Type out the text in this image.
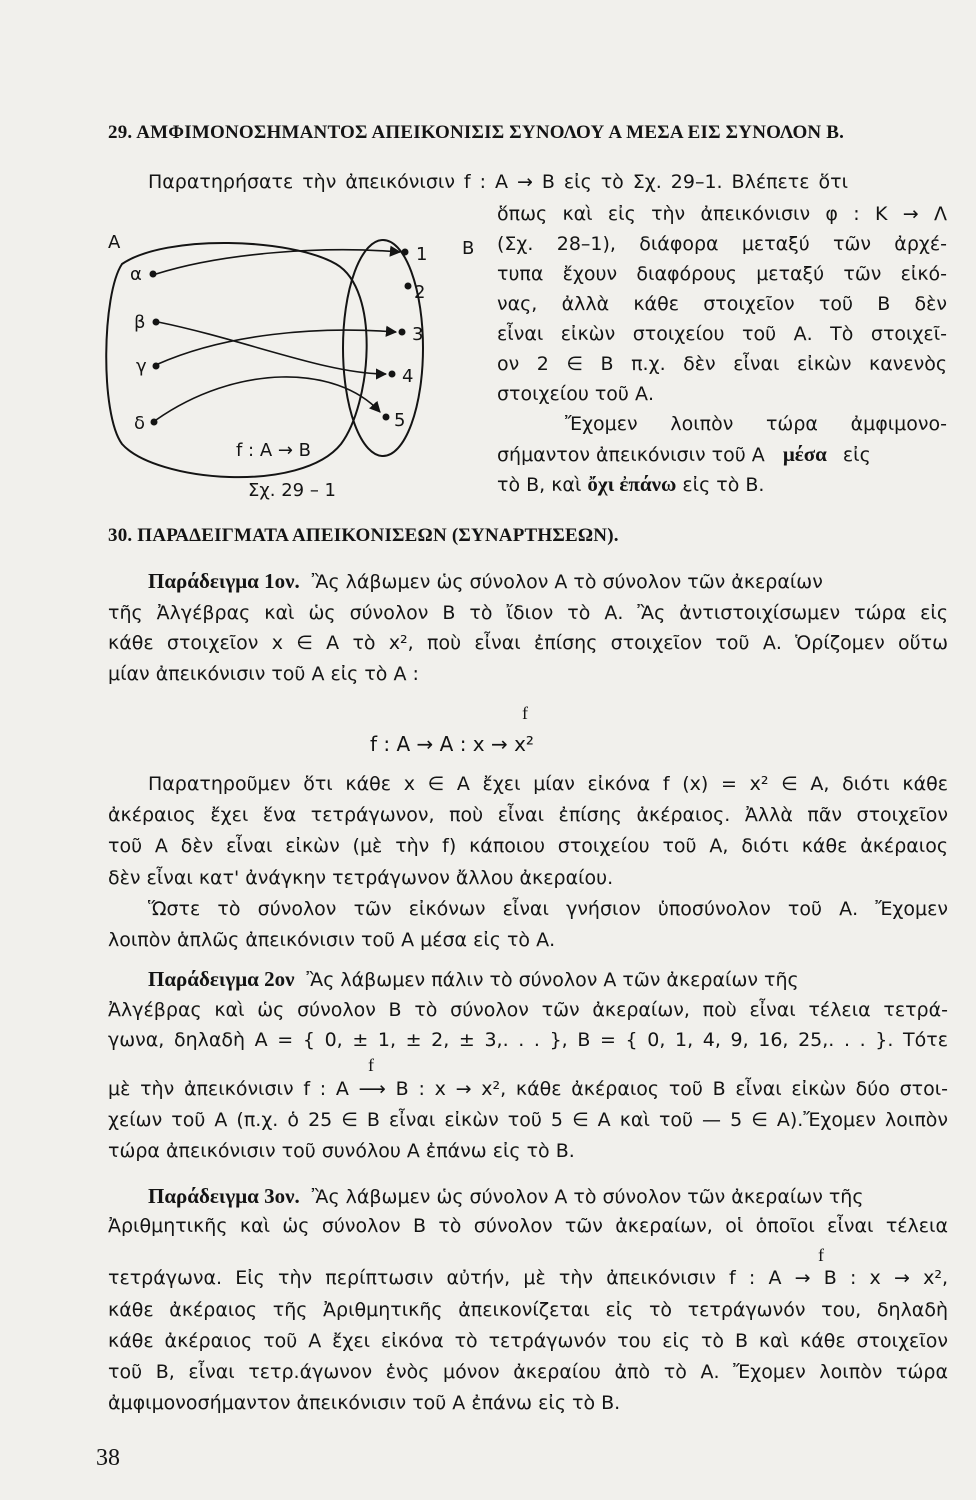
29. ΑΜΦΙΜΟΝΟΣΗΜΑΝΤΟΣ ΑΠΕΙΚΟΝΙΣΙΣ ΣΥΝΟΛΟΥ Α ΜΕΣΑ ΕΙΣ ΣΥΝΟΛΟΝ Β.
Παρατηρήσατε τὴν ἀπεικόνισιν f : A → B εἰς τὸ Σχ. 29–1. Βλέπετε ὅτι
ὅπως καὶ εἰς τὴν ἀπεικόνισιν φ : K → Λ
(Σχ. 28–1), διάφορα μεταξύ τῶν ἀρχέ-
τυπα ἔχουν διαφόρους μεταξύ τῶν εἰκό-
νας, ἀλλὰ κάθε στοιχεῖον τοῦ Β δὲν
εἶναι εἰκὼν στοιχείου τοῦ Α. Τὸ στοιχεῖ-
ον 2 ∈ B π.χ. δὲν εἶναι εἰκὼν κανενὸς
στοιχείου τοῦ Α.
Ἔχομεν λοιπὸν τώρα ἀμφιμονο-
σήμαντον ἀπεικόνισιν τοῦ Α μέσα εἰς
τὸ Β, καὶ ὄχι ἐπάνω εἰς τὸ Β.
A	B
α
β
γ
δ
1
2
3
4
5
f : A → B
Σχ. 29 – 1
30. ΠΑΡΑΔΕΙΓΜΑΤΑ ΑΠΕΙΚΟΝΙΣΕΩΝ (ΣΥΝΑΡΤΗΣΕΩΝ).
Παράδειγμα 1ον. Ἂς λάβωμεν ὡς σύνολον Α τὸ σύνολον τῶν ἀκεραίων
τῆς Ἀλγέβρας καὶ ὡς σύνολον Β τὸ ἴδιον τὸ Α. Ἂς ἀντιστοιχίσωμεν τώρα εἰς
κάθε στοιχεῖον x ∈ A τὸ x², ποὺ εἶναι ἐπίσης στοιχεῖον τοῦ Α. Ὁρίζομεν οὕτω
μίαν ἀπεικόνισιν τοῦ Α εἰς τὸ Α :
f
f : A → A : x → x²
Παρατηροῦμεν ὅτι κάθε x ∈ A ἔχει μίαν εἰκόνα f (x) = x² ∈ A, διότι κάθε
ἀκέραιος ἔχει ἕνα τετράγωνον, ποὺ εἶναι ἐπίσης ἀκέραιος. Ἀλλὰ πᾶν στοιχεῖον
τοῦ Α δὲν εἶναι εἰκὼν (μὲ τὴν f) κάποιου στοιχείου τοῦ Α, διότι κάθε ἀκέραιος
δὲν εἶναι κατ' ἀνάγκην τετράγωνον ἄλλου ἀκεραίου.
Ὥστε τὸ σύνολον τῶν εἰκόνων εἶναι γνήσιον ὑποσύνολον τοῦ Α. Ἔχομεν
λοιπὸν ἁπλῶς ἀπεικόνισιν τοῦ Α μέσα εἰς τὸ Α.
Παράδειγμα 2ον Ἂς λάβωμεν πάλιν τὸ σύνολον Α τῶν ἀκεραίων τῆς
Ἀλγέβρας καὶ ὡς σύνολον Β τὸ σύνολον τῶν ἀκεραίων, ποὺ εἶναι τέλεια τετρά-
γωνα, δηλαδὴ A = { 0, ± 1, ± 2, ± 3,. . . }, B = { 0, 1, 4, 9, 16, 25,. . . }. Τότε
f
μὲ τὴν ἀπεικόνισιν f : A ⟶ B : x → x², κάθε ἀκέραιος τοῦ Β εἶναι εἰκὼν δύο στοι-
χείων τοῦ Α (π.χ. ὁ 25 ∈ B εἶναι εἰκὼν τοῦ 5 ∈ A καὶ τοῦ — 5 ∈ A).Ἔχομεν λοιπὸν
τώρα ἀπεικόνισιν τοῦ συνόλου Α ἐπάνω εἰς τὸ Β.
Παράδειγμα 3ον. Ἂς λάβωμεν ὡς σύνολον Α τὸ σύνολον τῶν ἀκεραίων τῆς
Ἀριθμητικῆς καὶ ὡς σύνολον Β τὸ σύνολον τῶν ἀκεραίων, οἱ ὁποῖοι εἶναι τέλεια
f
τετράγωνα. Εἰς τὴν περίπτωσιν αὐτήν, μὲ τὴν ἀπεικόνισιν f : A → B : x → x²,
κάθε ἀκέραιος τῆς Ἀριθμητικῆς ἀπεικονίζεται εἰς τὸ τετράγωνόν του, δηλαδὴ
κάθε ἀκέραιος τοῦ Α ἔχει εἰκόνα τὸ τετράγωνόν του εἰς τὸ Β καὶ κάθε στοιχεῖον
τοῦ Β, εἶναι τετρ.άγωνον ἑνὸς μόνον ἀκεραίου ἀπὸ τὸ Α. Ἔχομεν λοιπὸν τώρα
ἀμφιμονοσήμαντον ἀπεικόνισιν τοῦ Α ἐπάνω εἰς τὸ Β.
38
